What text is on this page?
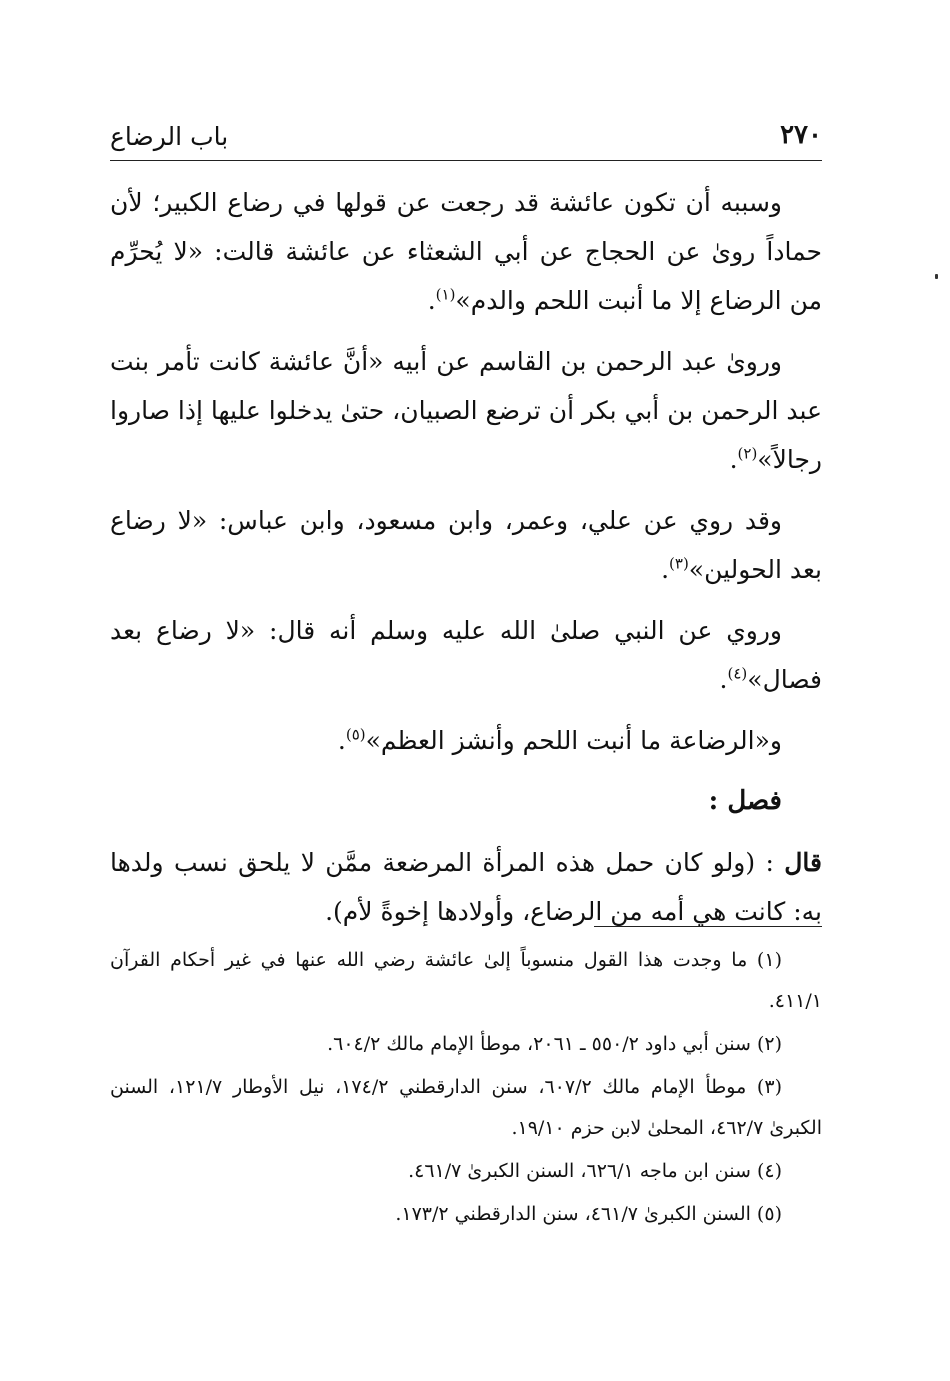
٢٧٠
باب الرضاع

وسببه أن تكون عائشة قد رجعت عن قولها في رضاع الكبير؛ لأن حماداً روىٰ عن الحجاج عن أبي الشعثاء عن عائشة قالت: «لا يُحرِّم من الرضاع إلا ما أنبت اللحم والدم»$^{(١)}$.

وروىٰ عبد الرحمن بن القاسم عن أبيه «أنَّ عائشة كانت تأمر بنت عبد الرحمن بن أبي بكر أن ترضع الصبيان، حتىٰ يدخلوا عليها إذا صاروا رجالاً»$^{(٢)}$.

وقد روي عن علي، وعمر، وابن مسعود، وابن عباس: «لا رضاع بعد الحولين»$^{(٣)}$.

وروي عن النبي صلىٰ الله عليه وسلم أنه قال: «لا رضاع بعد فصال»$^{(٤)}$.

و«الرضاعة ما أنبت اللحم وأنشز العظم»$^{(٥)}$.

فصل :

قال : (ولو كان حمل هذه المرأة المرضعة ممَّن لا يلحق نسب ولدها به: كانت هي أمه من الرضاع، وأولادها إخوةً لأم).

(١) ما وجدت هذا القول منسوباً إلىٰ عائشة رضي الله عنها في غير أحكام القرآن ٤١١/١.

(٢) سنن أبي داود ٥٥٠/٢ ـ ٢٠٦١، موطأ الإمام مالك ٦٠٤/٢.

(٣) موطأ الإمام مالك ٦٠٧/٢، سنن الدارقطني ١٧٤/٢، نيل الأوطار ١٢١/٧، السنن الكبرىٰ ٤٦٢/٧، المحلىٰ لابن حزم ١٩/١٠.

(٤) سنن ابن ماجه ٦٢٦/١، السنن الكبرىٰ ٤٦١/٧.

(٥) السنن الكبرىٰ ٤٦١/٧، سنن الدارقطني ١٧٣/٢.
